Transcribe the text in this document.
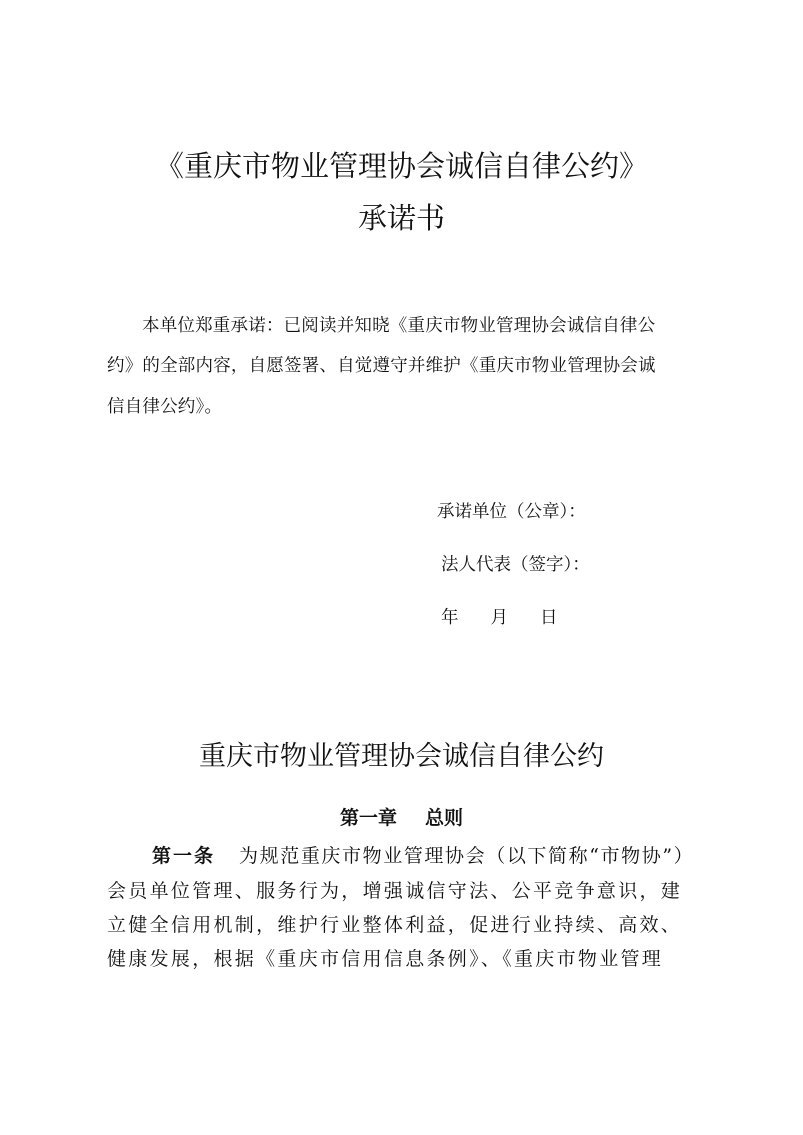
《重庆市物业管理协会诚信自律公约》
承诺书
本单位郑重承诺：已阅读并知晓《重庆市物业管理协会诚信自律公
约》的全部内容，自愿签署、自觉遵守并维护《重庆市物业管理协会诚
信自律公约》。
承诺单位（公章）：
法人代表（签字）：
年 月 日
重庆市物业管理协会诚信自律公约
第一章 总则
第一条 为规范重庆市物业管理协会（以下简称“市物协”）
会员单位管理、服务行为，增强诚信守法、公平竞争意识，建
立健全信用机制，维护行业整体利益，促进行业持续、高效、
健康发展，根据《重庆市信用信息条例》、《重庆市物业管理
